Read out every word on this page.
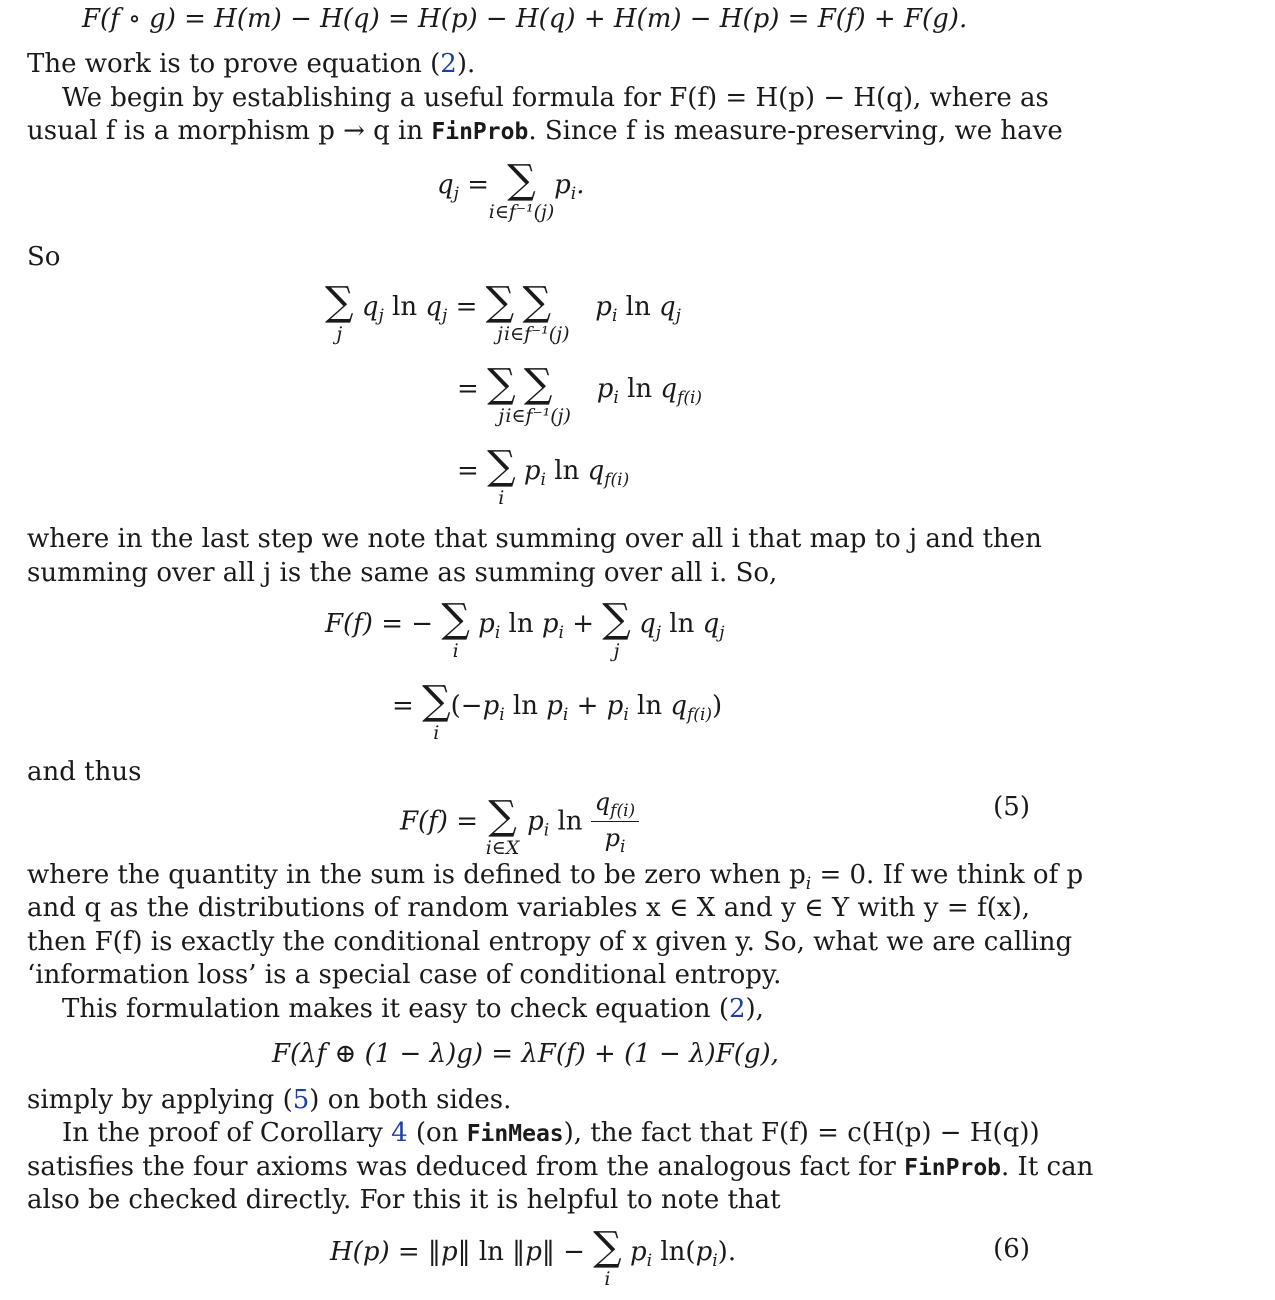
F(f ∘ g) = H(m) − H(q) = H(p) − H(q) + H(m) − H(p) = F(f) + F(g).
The work is to prove equation (2).
We begin by establishing a useful formula for F(f) = H(p) − H(q), where as
usual f is a morphism p → q in FinProb. Since f is measure-preserving, we have
$q_j$ = ∑
i∈f⁻¹(j)
$p_i$.
So
∑
j
$q_j$ $\ln q_j$ = ∑
j

∑
i∈f⁻¹(j)
$p_i$ $\ln q_j$
= ∑
j

∑
i∈f⁻¹(j)
$p_i$ $\ln q_{f(i)}$
= ∑
i
$p_i$ $\ln q_{f(i)}$
where in the last step we note that summing over all i that map to j and then
summing over all j is the same as summing over all i. So,
F(f) = − ∑
i
$p_i$ $\ln p_i$ + ∑
j
$q_j$ $\ln q_j$
= ∑
i
($-p_i$ $\ln p_i + p_i$ $\ln q_{f(i)}$)
and thus
F(f) = ∑
i∈X
$p_i$ $\ln \frac{q_{f(i)}}{p_i}$	(5)
where the quantity in the sum is defined to be zero when $p_i = 0$. If we think of p
and q as the distributions of random variables x ∈ X and y ∈ Y with y = f(x),
then F(f) is exactly the conditional entropy of x given y. So, what we are calling
‘information loss’ is a special case of conditional entropy.
This formulation makes it easy to check equation (2),
F(λf ⊕ (1 − λ)g) = λF(f) + (1 − λ)F(g),
simply by applying (5) on both sides.
In the proof of Corollary 4 (on FinMeas), the fact that F(f) = c(H(p) − H(q))
satisfies the four axioms was deduced from the analogous fact for FinProb. It can
also be checked directly. For this it is helpful to note that
H(p) = ‖p‖ ln ‖p‖ − ∑
i
$p_i$ $\ln(p_i)$.	(6)
